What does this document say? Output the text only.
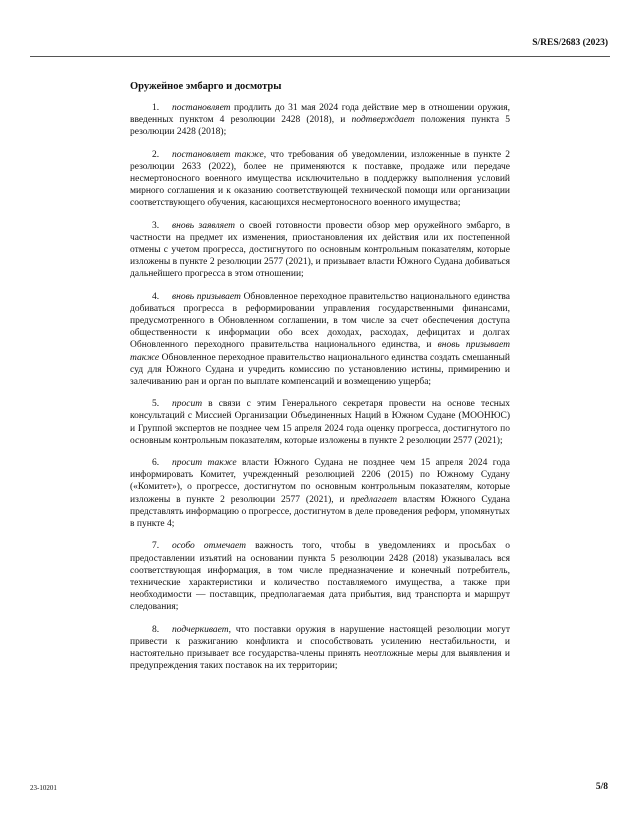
S/RES/2683 (2023)
Оружейное эмбарго и досмотры

1. постановляет продлить до 31 мая 2024 года действие мер в отношении оружия, введенных пунктом 4 резолюции 2428 (2018), и подтверждает положения пункта 5 резолюции 2428 (2018);

2. постановляет также, что требования об уведомлении, изложенные в пункте 2 резолюции 2633 (2022), более не применяются к поставке, продаже или передаче несмертоносного военного имущества исключительно в поддержку выполнения условий мирного соглашения и к оказанию соответствующей технической помощи или организации соответствующего обучения, касающихся несмертоносного военного имущества;

3. вновь заявляет о своей готовности провести обзор мер оружейного эмбарго, в частности на предмет их изменения, приостановления их действия или их постепенной отмены с учетом прогресса, достигнутого по основным контрольным показателям, которые изложены в пункте 2 резолюции 2577 (2021), и призывает власти Южного Судана добиваться дальнейшего прогресса в этом отношении;

4. вновь призывает Обновленное переходное правительство национального единства добиваться прогресса в реформировании управления государственными финансами, предусмотренного в Обновленном соглашении, в том числе за счет обеспечения доступа общественности к информации обо всех доходах, расходах, дефицитах и долгах Обновленного переходного правительства национального единства, и вновь призывает также Обновленное переходное правительство национального единства создать смешанный суд для Южного Судана и учредить комиссию по установлению истины, примирению и залечиванию ран и орган по выплате компенсаций и возмещению ущерба;

5. просит в связи с этим Генерального секретаря провести на основе тесных консультаций с Миссией Организации Объединенных Наций в Южном Судане (МООНЮС) и Группой экспертов не позднее чем 15 апреля 2024 года оценку прогресса, достигнутого по основным контрольным показателям, которые изложены в пункте 2 резолюции 2577 (2021);

6. просит также власти Южного Судана не позднее чем 15 апреля 2024 года информировать Комитет, учрежденный резолюцией 2206 (2015) по Южному Судану («Комитет»), о прогрессе, достигнутом по основным контрольным показателям, которые изложены в пункте 2 резолюции 2577 (2021), и предлагает властям Южного Судана представлять информацию о прогрессе, достигнутом в деле проведения реформ, упомянутых в пункте 4;

7. особо отмечает важность того, чтобы в уведомлениях и просьбах о предоставлении изъятий на основании пункта 5 резолюции 2428 (2018) указывалась вся соответствующая информация, в том числе предназначение и конечный потребитель, технические характеристики и количество поставляемого имущества, а также при необходимости — поставщик, предполагаемая дата прибытия, вид транспорта и маршрут следования;

8. подчеркивает, что поставки оружия в нарушение настоящей резолюции могут привести к разжиганию конфликта и способствовать усилению нестабильности, и настоятельно призывает все государства-члены принять неотложные меры для выявления и предупреждения таких поставок на их территории;

23-10201	5/8
